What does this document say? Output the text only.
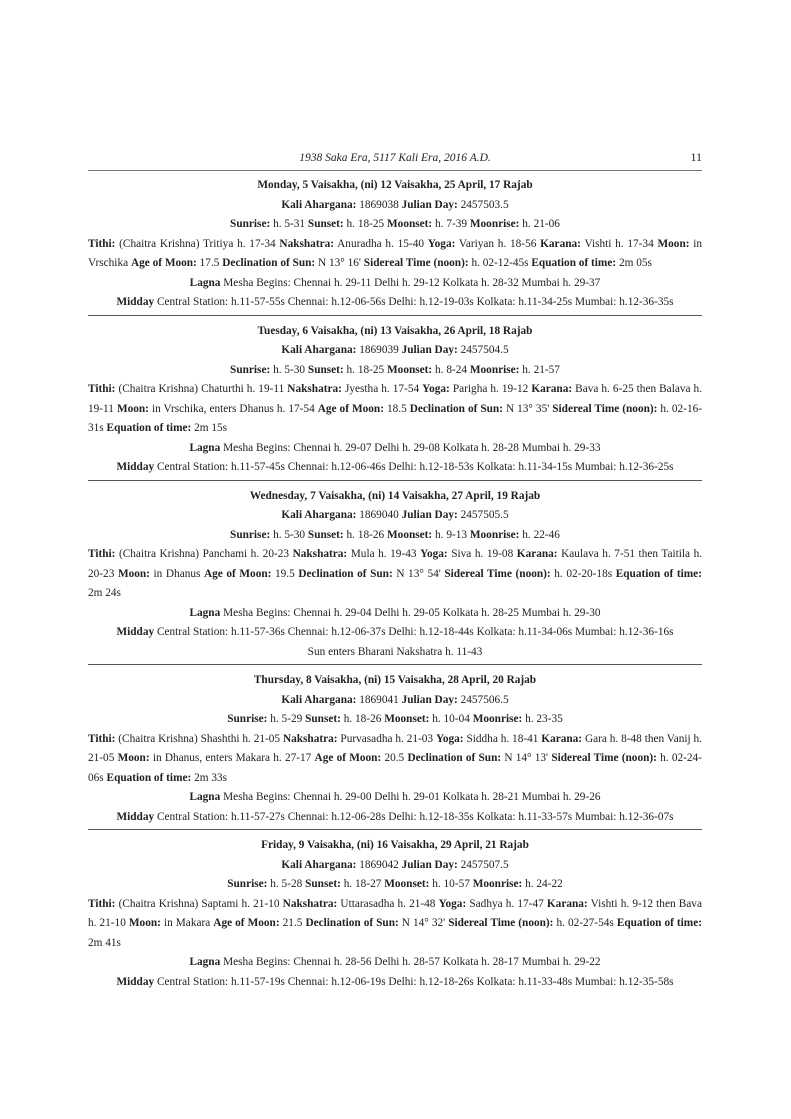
1938 Saka Era, 5117 Kali Era, 2016 A.D.	11
Monday, 5 Vaisakha, (ni) 12 Vaisakha, 25 April, 17 Rajab
Kali Ahargana: 1869038 Julian Day: 2457503.5
Sunrise: h. 5-31 Sunset: h. 18-25 Moonset: h. 7-39 Moonrise: h. 21-06
Tithi: (Chaitra Krishna) Tritiya h. 17-34 Nakshatra: Anuradha h. 15-40 Yoga: Variyan h. 18-56 Karana: Vishti h. 17-34 Moon: in Vrschika Age of Moon: 17.5 Declination of Sun: N 13° 16' Sidereal Time (noon): h. 02-12-45s Equation of time: 2m 05s
Lagna Mesha Begins: Chennai h. 29-11 Delhi h. 29-12 Kolkata h. 28-32 Mumbai h. 29-37
Midday Central Station: h.11-57-55s Chennai: h.12-06-56s Delhi: h.12-19-03s Kolkata: h.11-34-25s Mumbai: h.12-36-35s
Tuesday, 6 Vaisakha, (ni) 13 Vaisakha, 26 April, 18 Rajab
Kali Ahargana: 1869039 Julian Day: 2457504.5
Sunrise: h. 5-30 Sunset: h. 18-25 Moonset: h. 8-24 Moonrise: h. 21-57
Tithi: (Chaitra Krishna) Chaturthi h. 19-11 Nakshatra: Jyestha h. 17-54 Yoga: Parigha h. 19-12 Karana: Bava h. 6-25 then Balava h. 19-11 Moon: in Vrschika, enters Dhanus h. 17-54 Age of Moon: 18.5 Declination of Sun: N 13° 35' Sidereal Time (noon): h. 02-16-31s Equation of time: 2m 15s
Lagna Mesha Begins: Chennai h. 29-07 Delhi h. 29-08 Kolkata h. 28-28 Mumbai h. 29-33
Midday Central Station: h.11-57-45s Chennai: h.12-06-46s Delhi: h.12-18-53s Kolkata: h.11-34-15s Mumbai: h.12-36-25s
Wednesday, 7 Vaisakha, (ni) 14 Vaisakha, 27 April, 19 Rajab
Kali Ahargana: 1869040 Julian Day: 2457505.5
Sunrise: h. 5-30 Sunset: h. 18-26 Moonset: h. 9-13 Moonrise: h. 22-46
Tithi: (Chaitra Krishna) Panchami h. 20-23 Nakshatra: Mula h. 19-43 Yoga: Siva h. 19-08 Karana: Kaulava h. 7-51 then Taitila h. 20-23 Moon: in Dhanus Age of Moon: 19.5 Declination of Sun: N 13° 54' Sidereal Time (noon): h. 02-20-18s Equation of time: 2m 24s
Lagna Mesha Begins: Chennai h. 29-04 Delhi h. 29-05 Kolkata h. 28-25 Mumbai h. 29-30
Midday Central Station: h.11-57-36s Chennai: h.12-06-37s Delhi: h.12-18-44s Kolkata: h.11-34-06s Mumbai: h.12-36-16s
Sun enters Bharani Nakshatra h. 11-43
Thursday, 8 Vaisakha, (ni) 15 Vaisakha, 28 April, 20 Rajab
Kali Ahargana: 1869041 Julian Day: 2457506.5
Sunrise: h. 5-29 Sunset: h. 18-26 Moonset: h. 10-04 Moonrise: h. 23-35
Tithi: (Chaitra Krishna) Shashthi h. 21-05 Nakshatra: Purvasadha h. 21-03 Yoga: Siddha h. 18-41 Karana: Gara h. 8-48 then Vanij h. 21-05 Moon: in Dhanus, enters Makara h. 27-17 Age of Moon: 20.5 Declination of Sun: N 14° 13' Sidereal Time (noon): h. 02-24-06s Equation of time: 2m 33s
Lagna Mesha Begins: Chennai h. 29-00 Delhi h. 29-01 Kolkata h. 28-21 Mumbai h. 29-26
Midday Central Station: h.11-57-27s Chennai: h.12-06-28s Delhi: h.12-18-35s Kolkata: h.11-33-57s Mumbai: h.12-36-07s
Friday, 9 Vaisakha, (ni) 16 Vaisakha, 29 April, 21 Rajab
Kali Ahargana: 1869042 Julian Day: 2457507.5
Sunrise: h. 5-28 Sunset: h. 18-27 Moonset: h. 10-57 Moonrise: h. 24-22
Tithi: (Chaitra Krishna) Saptami h. 21-10 Nakshatra: Uttarasadha h. 21-48 Yoga: Sadhya h. 17-47 Karana: Vishti h. 9-12 then Bava h. 21-10 Moon: in Makara Age of Moon: 21.5 Declination of Sun: N 14° 32' Sidereal Time (noon): h. 02-27-54s Equation of time: 2m 41s
Lagna Mesha Begins: Chennai h. 28-56 Delhi h. 28-57 Kolkata h. 28-17 Mumbai h. 29-22
Midday Central Station: h.11-57-19s Chennai: h.12-06-19s Delhi: h.12-18-26s Kolkata: h.11-33-48s Mumbai: h.12-35-58s
